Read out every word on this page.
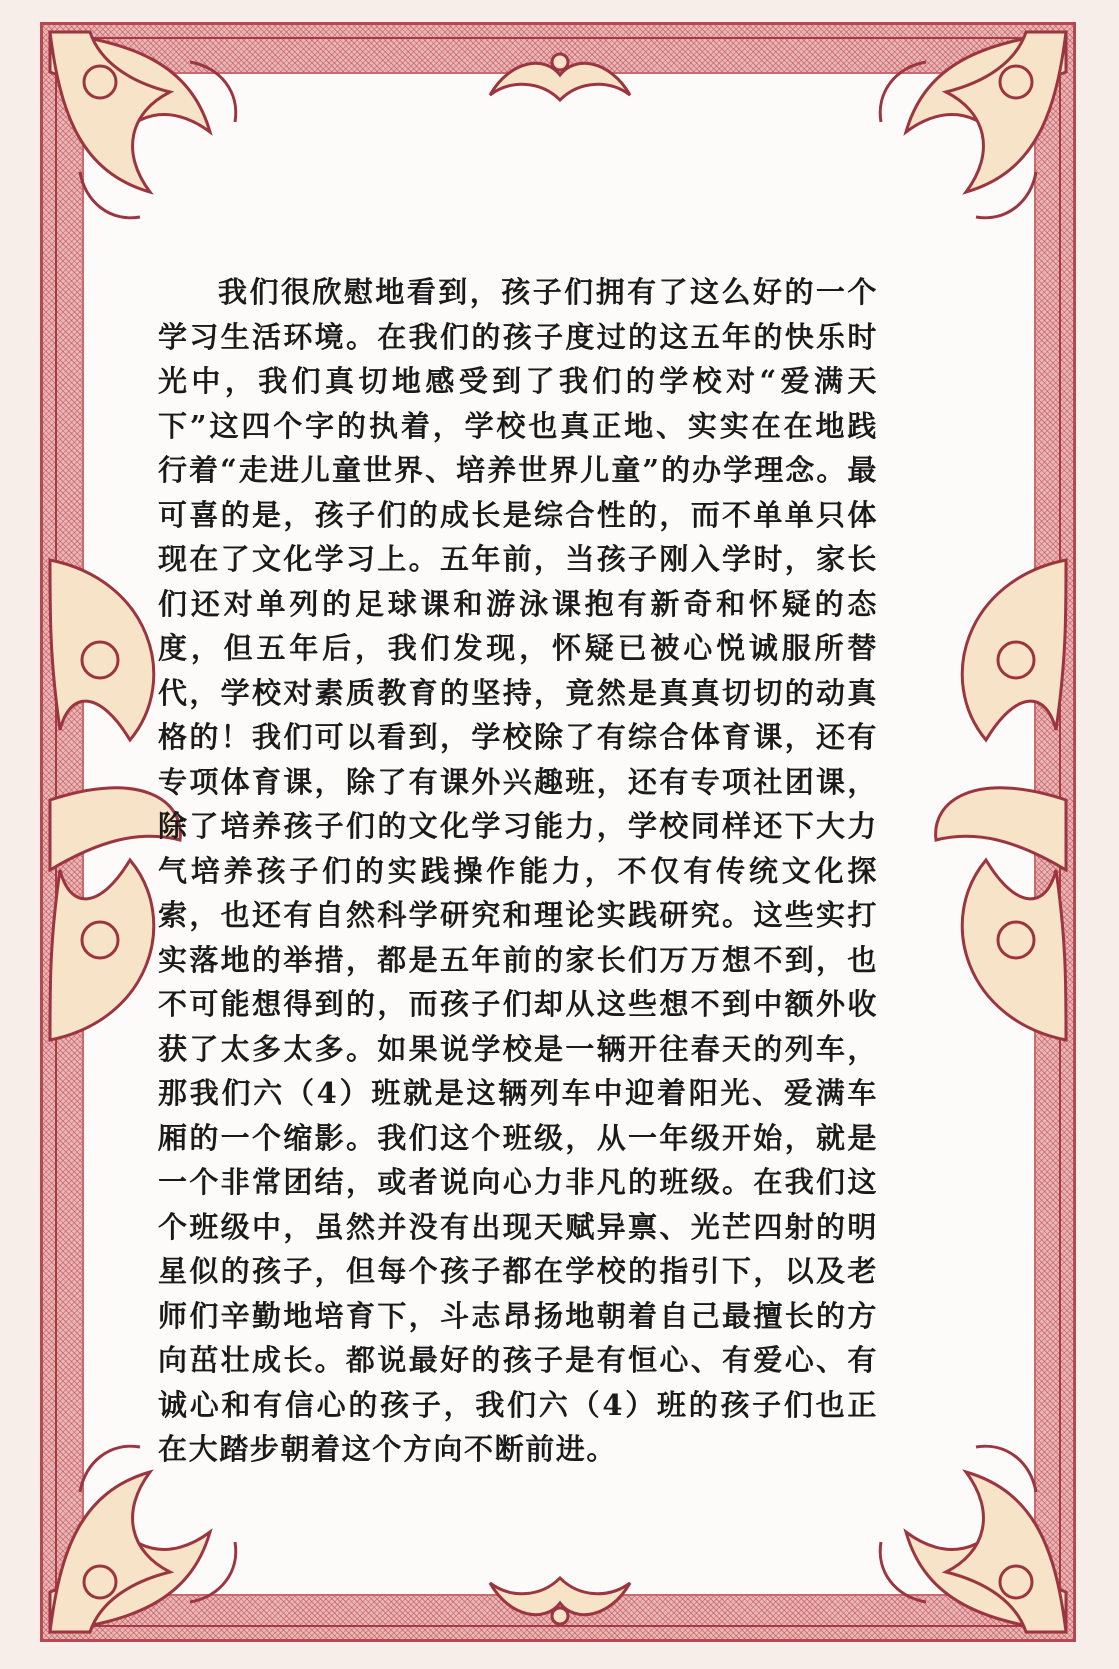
我们很欣慰地看到，孩子们拥有了这么好的一个学习生活环境。在我们的孩子度过的这五年的快乐时光中，我们真切地感受到了我们的学校对“爱满天下”这四个字的执着，学校也真正地、实实在在地践行着“走进儿童世界、培养世界儿童”的办学理念。最可喜的是，孩子们的成长是综合性的，而不单单只体现在了文化学习上。五年前，当孩子刚入学时，家长们还对单列的足球课和游泳课抱有新奇和怀疑的态度，但五年后，我们发现，怀疑已被心悦诚服所替代，学校对素质教育的坚持，竟然是真真切切的动真格的！我们可以看到，学校除了有综合体育课，还有专项体育课，除了有课外兴趣班，还有专项社团课，除了培养孩子们的文化学习能力，学校同样还下大力气培养孩子们的实践操作能力，不仅有传统文化探索，也还有自然科学研究和理论实践研究。这些实打实落地的举措，都是五年前的家长们万万想不到，也不可能想得到的，而孩子们却从这些想不到中额外收获了太多太多。如果说学校是一辆开往春天的列车，那我们六（4）班就是这辆列车中迎着阳光、爱满车厢的一个缩影。我们这个班级，从一年级开始，就是一个非常团结，或者说向心力非凡的班级。在我们这个班级中，虽然并没有出现天赋异禀、光芒四射的明星似的孩子，但每个孩子都在学校的指引下，以及老师们辛勤地培育下，斗志昂扬地朝着自己最擅长的方向茁壮成长。都说最好的孩子是有恒心、有爱心、有诚心和有信心的孩子，我们六（4）班的孩子们也正在大踏步朝着这个方向不断前进。
